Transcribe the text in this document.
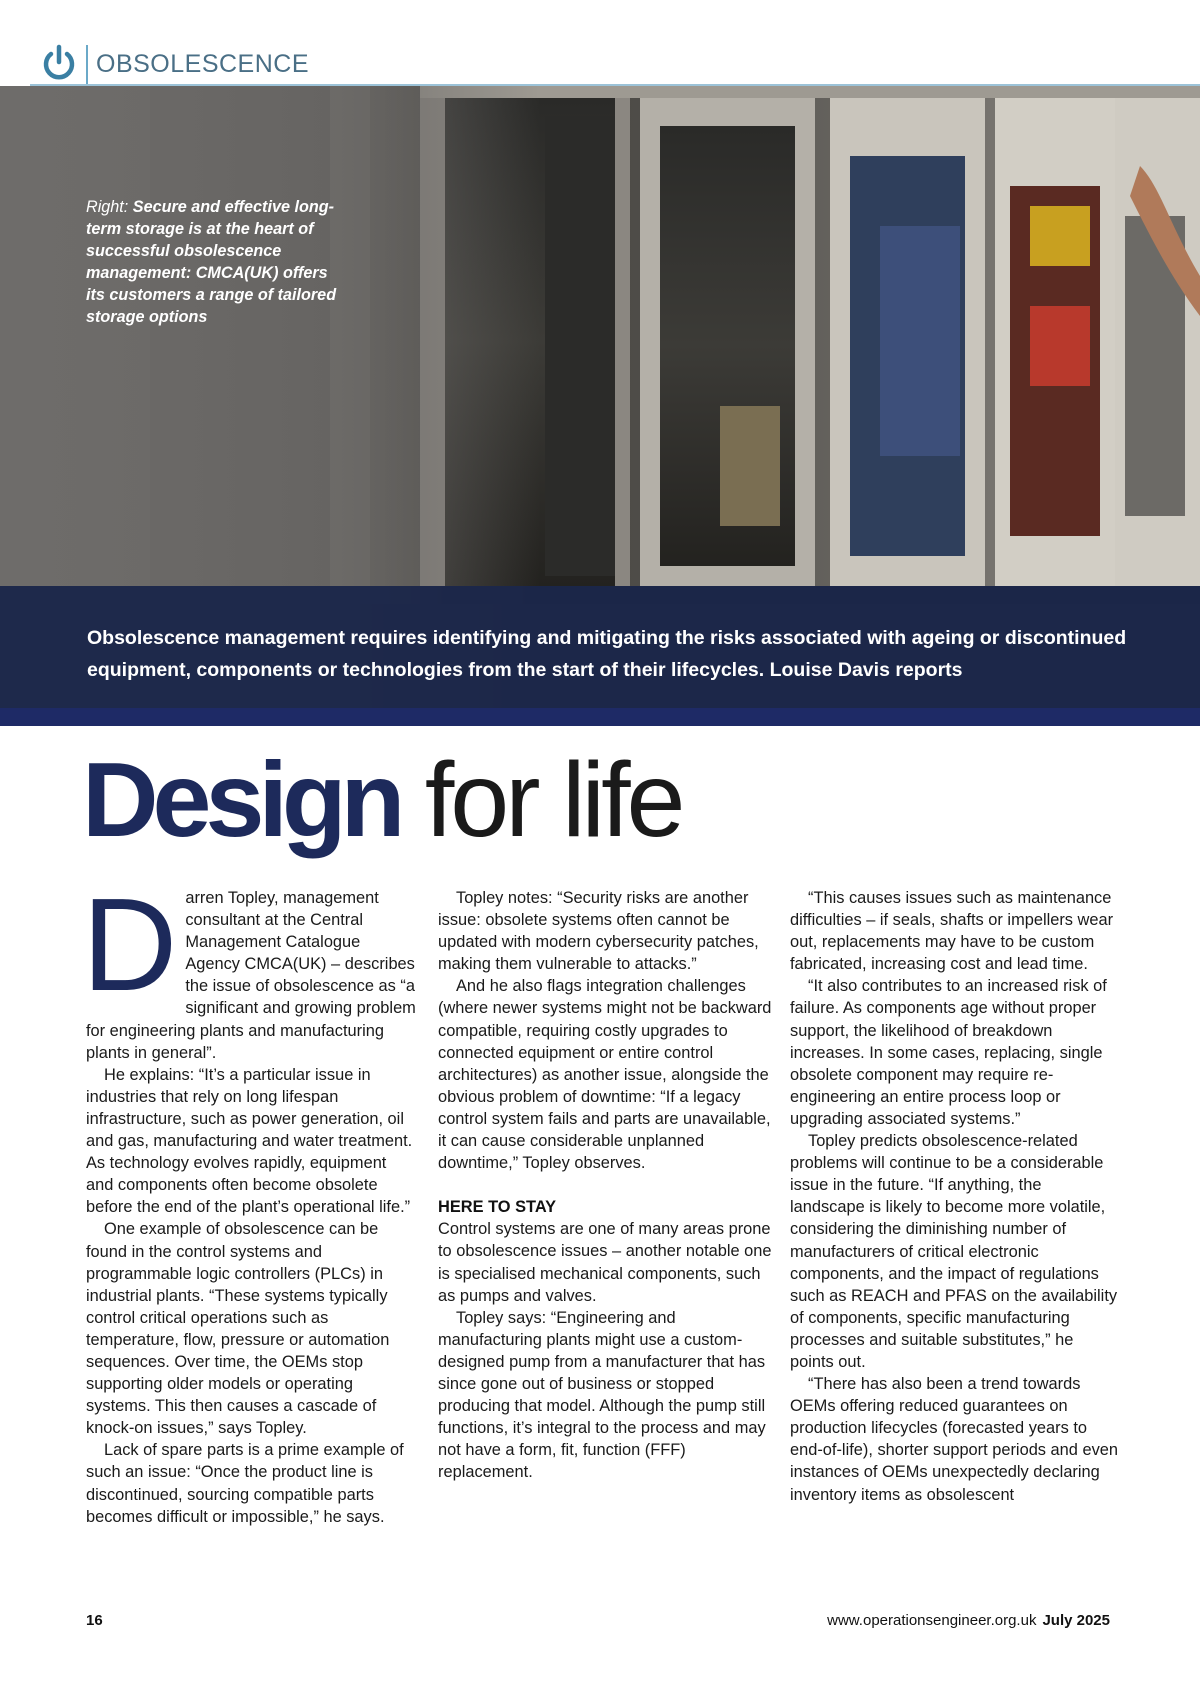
OBSOLESCENCE
Right: Secure and effective long-term storage is at the heart of successful obsolescence management: CMCA(UK) offers its customers a range of tailored storage options

Obsolescence management requires identifying and mitigating the risks associated with ageing or discontinued equipment, components or technologies from the start of their lifecycles. Louise Davis reports

Design for life

Darren Topley, management consultant at the Central Management Catalogue Agency CMCA(UK) – describes the issue of obsolescence as “a significant and growing problem for engineering plants and manufacturing plants in general”.

He explains: “It’s a particular issue in industries that rely on long lifespan infrastructure, such as power generation, oil and gas, manufacturing and water treatment. As technology evolves rapidly, equipment and components often become obsolete before the end of the plant’s operational life.”

One example of obsolescence can be found in the control systems and programmable logic controllers (PLCs) in industrial plants. “These systems typically control critical operations such as temperature, flow, pressure or automation sequences. Over time, the OEMs stop supporting older models or operating systems. This then causes a cascade of knock-on issues,” says Topley.

Lack of spare parts is a prime example of such an issue: “Once the product line is discontinued, sourcing compatible parts becomes difficult or impossible,” he says.

Topley notes: “Security risks are another issue: obsolete systems often cannot be updated with modern cybersecurity patches, making them vulnerable to attacks.”

And he also flags integration challenges (where newer systems might not be backward compatible, requiring costly upgrades to connected equipment or entire control architectures) as another issue, alongside the obvious problem of downtime: “If a legacy control system fails and parts are unavailable, it can cause considerable unplanned downtime,” Topley observes.

HERE TO STAY

Control systems are one of many areas prone to obsolescence issues – another notable one is specialised mechanical components, such as pumps and valves.

Topley says: “Engineering and manufacturing plants might use a custom-designed pump from a manufacturer that has since gone out of business or stopped producing that model. Although the pump still functions, it’s integral to the process and may not have a form, fit, function (FFF) replacement.

“This causes issues such as maintenance difficulties – if seals, shafts or impellers wear out, replacements may have to be custom fabricated, increasing cost and lead time.

“It also contributes to an increased risk of failure. As components age without proper support, the likelihood of breakdown increases. In some cases, replacing, single obsolete component may require re-engineering an entire process loop or upgrading associated systems.”

Topley predicts obsolescence-related problems will continue to be a considerable issue in the future. “If anything, the landscape is likely to become more volatile, considering the diminishing number of manufacturers of critical electronic components, and the impact of regulations such as REACH and PFAS on the availability of components, specific manufacturing processes and suitable substitutes,” he points out.

“There has also been a trend towards OEMs offering reduced guarantees on production lifecycles (forecasted years to end-of-life), shorter support periods and even instances of OEMs unexpectedly declaring inventory items as obsolescent

16	www.operationsengineer.org.uk July 2025
